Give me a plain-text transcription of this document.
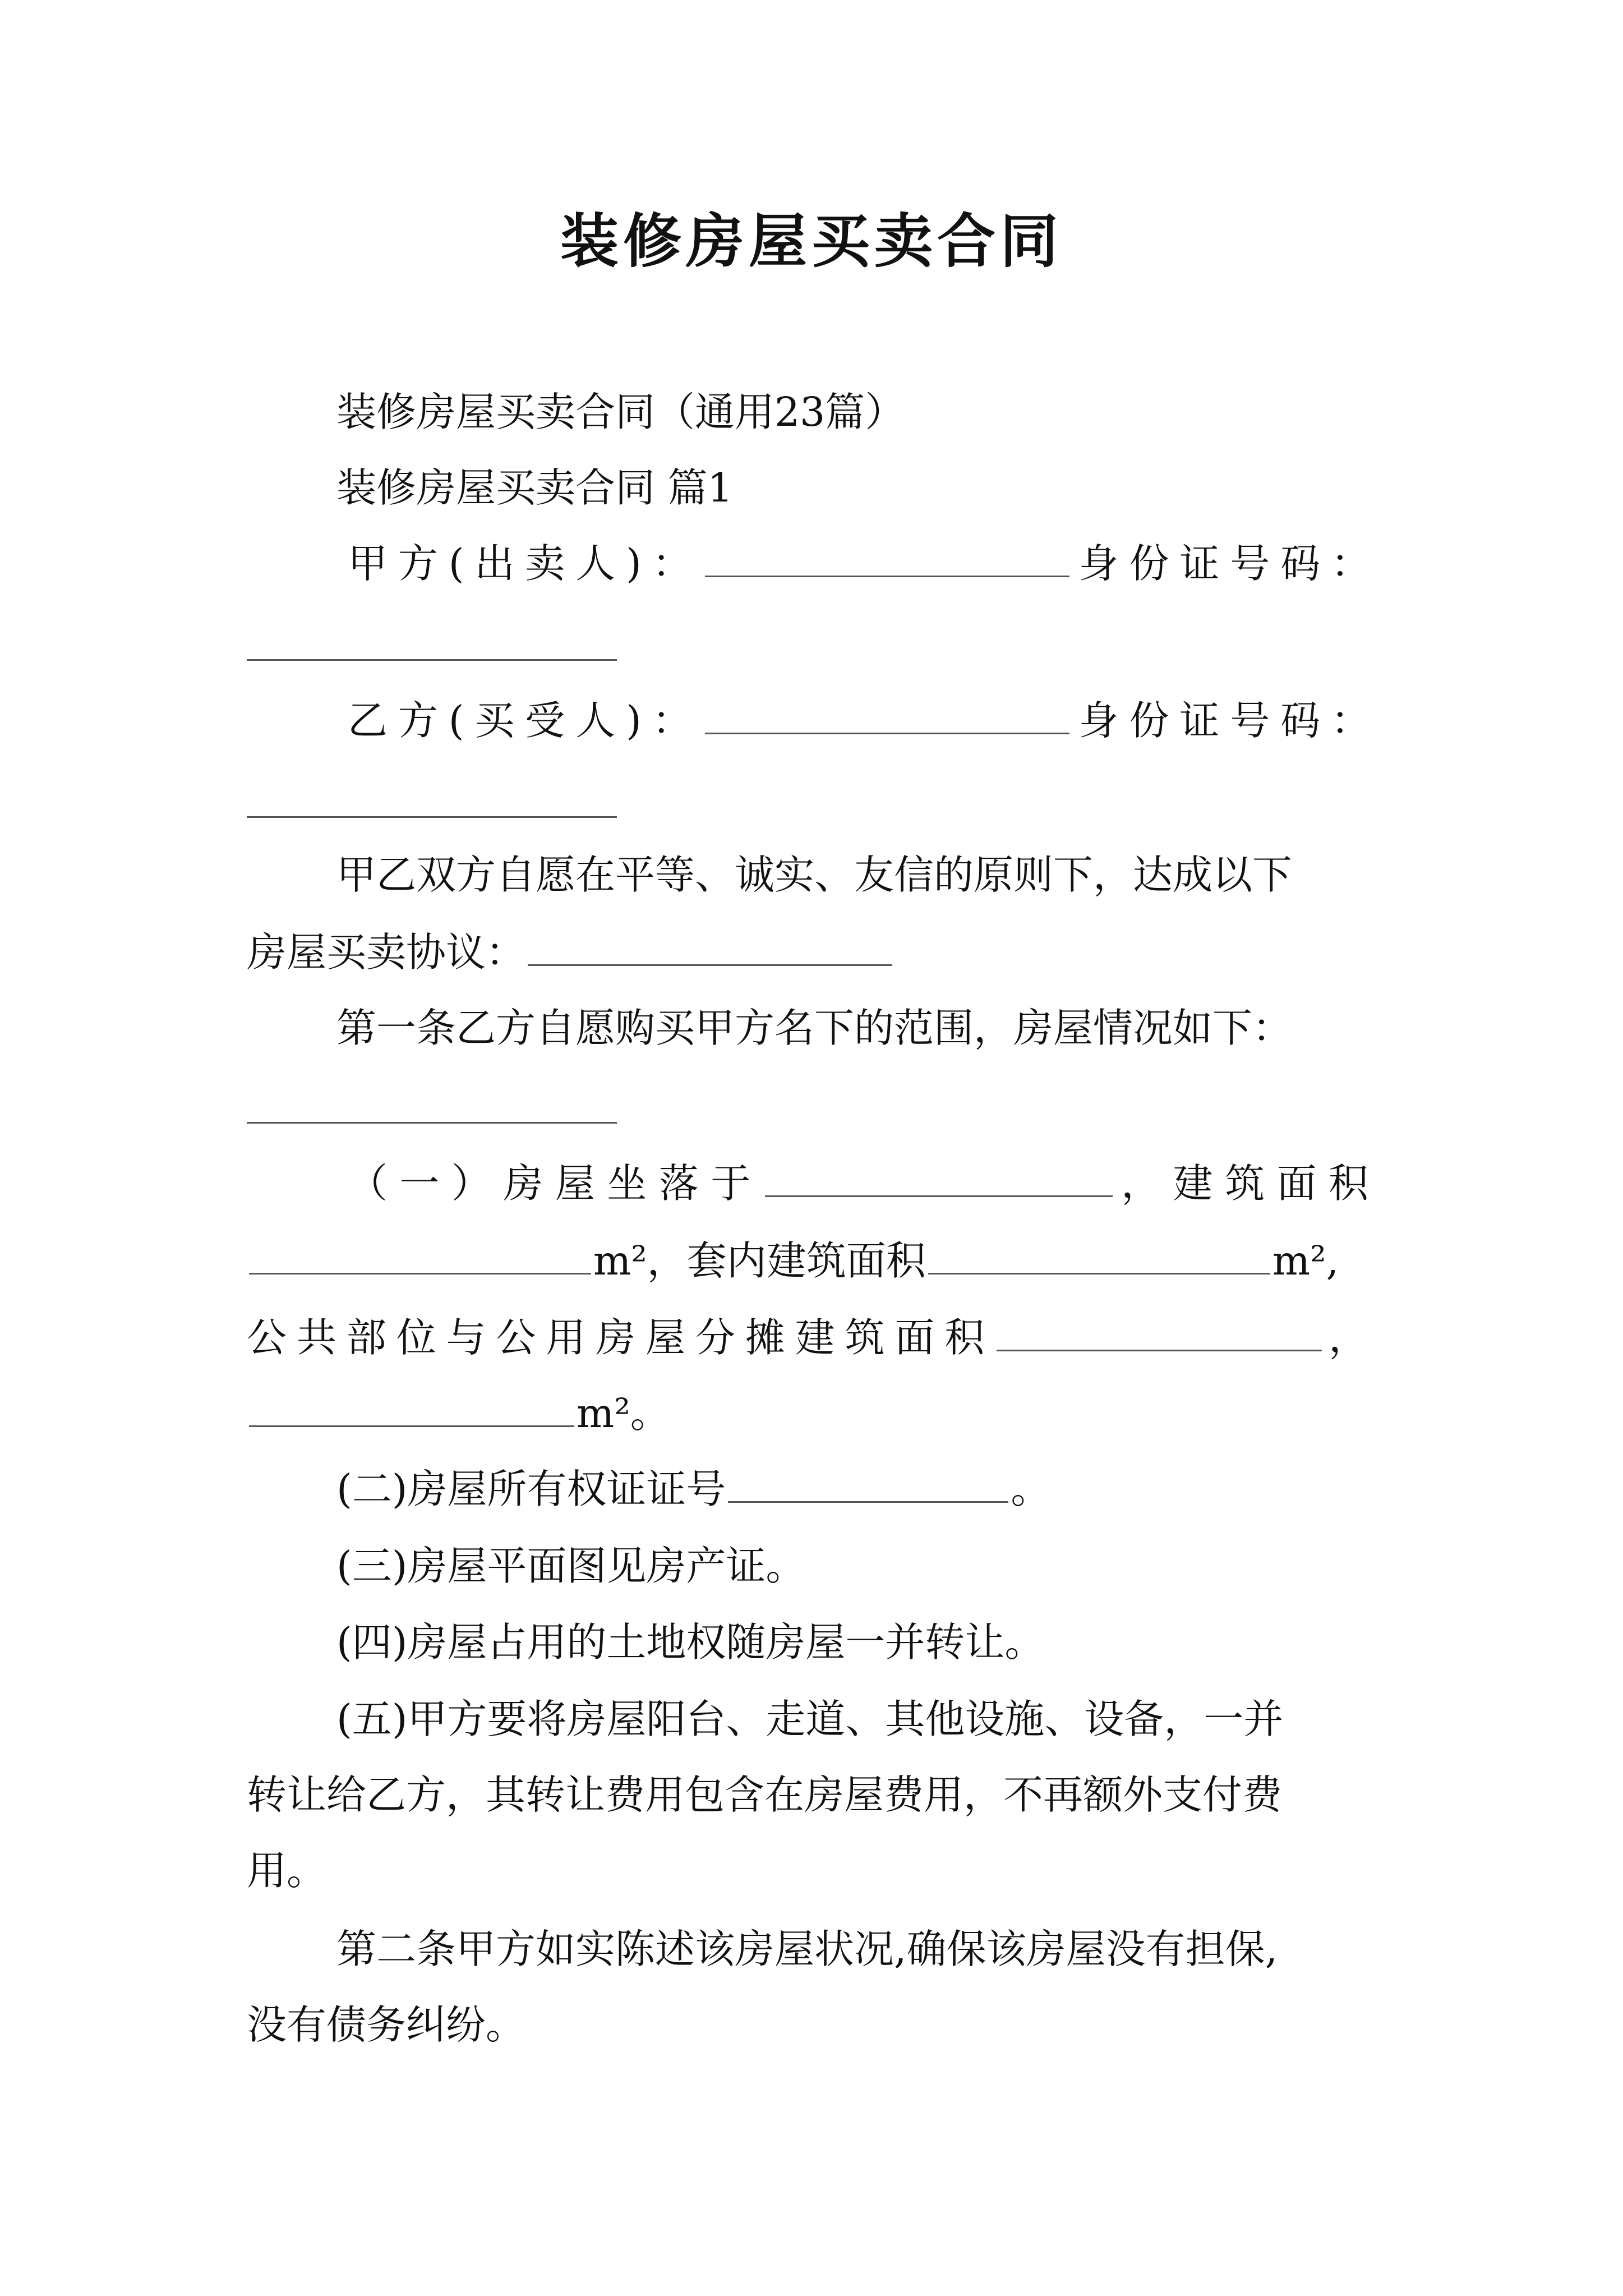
装修房屋买卖合同
装修房屋买卖合同（通用23篇）
装修房屋买卖合同 篇1
甲方(出卖人)：	身份证号码：
乙方(买受人)：	身份证号码：
甲乙双方自愿在平等、诚实、友信的原则下，达成以下
房屋买卖协议：
第一条乙方自愿购买甲方名下的范围，房屋情况如下：
（一）房屋坐落于	，建筑面积
m²，套内建筑面积	m²,
公共部位与公用房屋分摊建筑面积	，
m²。
(二)房屋所有权证证号	。
(三)房屋平面图见房产证。
(四)房屋占用的土地权随房屋一并转让。
(五)甲方要将房屋阳台、走道、其他设施、设备，一并
转让给乙方，其转让费用包含在房屋费用，不再额外支付费
用。
第二条甲方如实陈述该房屋状况,确保该房屋没有担保,
没有债务纠纷。
